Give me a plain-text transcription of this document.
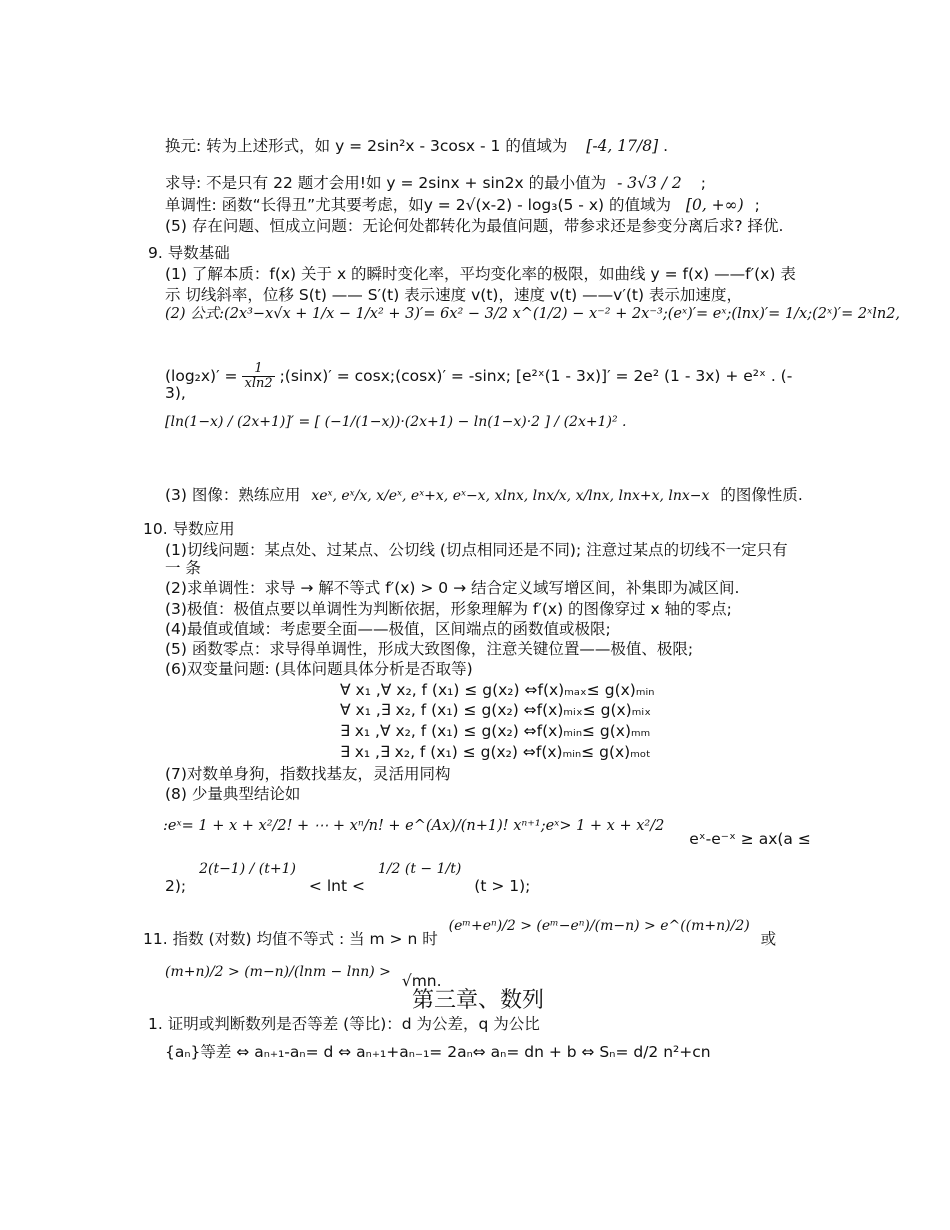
换元: 转为上述形式，如 y = 2sin²x - 3cosx - 1 的值域为 [-4, 17/8] .
求导: 不是只有 22 题才会用!如 y = 2sinx + sin2x 的最小值为 - 3√3 / 2 ;
单调性: 函数“长得丑”尤其要考虑，如y = 2√(x-2) - log₃(5 - x) 的值域为 [0, +∞) ;
(5) 存在问题、恒成立问题：无论何处都转化为最值问题，带参求还是参变分离后求? 择优.
9. 导数基础
(1) 了解本质：f(x) 关于 x 的瞬时变化率，平均变化率的极限，如曲线 y = f(x) ——f′(x) 表
示 切线斜率，位移 S(t) —— S′(t) 表示速度 v(t)，速度 v(t) ——v′(t) 表示加速度，
(2) 公式:(2x³−x√x + 1/x − 1/x² + 3)′= 6x² − 3/2 x^(1/2) − x⁻² + 2x⁻³;(eˣ)′= eˣ;(lnx)′= 1/x;(2ˣ)′= 2ˣln2,
$(\log_2x)' = \frac{1}{xln2}$ ;(sinx)′ = cosx;(cosx)′ = -sinx; [e²ˣ(1 - 3x)]′ = 2e² (1 - 3x) + e²ˣ . (-
3),
[ln(1−x) / (2x+1)]′ = [ (−1/(1−x))·(2x+1) − ln(1−x)·2 ] / (2x+1)² .
(3) 图像：熟练应用 xeˣ, eˣ/x, x/eˣ, eˣ+x, eˣ−x, xlnx, lnx/x, x/lnx, lnx+x, lnx−x 的图像性质.
10. 导数应用
(1)切线问题：某点处、过某点、公切线 (切点相同还是不同); 注意过某点的切线不一定只有
一 条
(2)求单调性：求导 → 解不等式 f′(x) > 0 → 结合定义域写增区间，补集即为减区间.
(3)极值：极值点要以单调性为判断依据，形象理解为 f′(x) 的图像穿过 x 轴的零点;
(4)最值或值域：考虑要全面——极值，区间端点的函数值或极限;
(5) 函数零点：求导得单调性，形成大致图像，注意关键位置——极值、极限;
(6)双变量问题: (具体问题具体分析是否取等)
∀ x₁ ,∀ x₂, f (x₁) ≤ g(x₂) ⇔f(x)ₘₐₓ≤ g(x)ₘᵢₙ
∀ x₁ ,∃ x₂, f (x₁) ≤ g(x₂) ⇔f(x)ₘᵢₓ≤ g(x)ₘᵢₓ
∃ x₁ ,∀ x₂, f (x₁) ≤ g(x₂) ⇔f(x)ₘᵢₙ≤ g(x)ₘₘ
∃ x₁ ,∃ x₂, f (x₁) ≤ g(x₂) ⇔f(x)ₘᵢₙ≤ g(x)ₘₒₜ
(7)对数单身狗，指数找基友，灵活用同构
(8) 少量典型结论如
:eˣ= 1 + x + x²/2! + ⋯ + xⁿ/n! + e^(Ax)/(n+1)! xⁿ⁺¹;eˣ> 1 + x + x²/2 eˣ-e⁻ˣ ≥ ax(a ≤
2); 2(t−1) / (t+1) < lnt < 1/2 (t − 1/t) (t > 1);
11. 指数 (对数) 均值不等式 : 当 m > n 时 (eᵐ+eⁿ)/2 > (eᵐ−eⁿ)/(m−n) > e^((m+n)/2) 或
(m+n)/2 > (m−n)/(lnm − lnn) > √mn.
第三章、数列
1. 证明或判断数列是否等差 (等比)：d 为公差，q 为公比
{aₙ}等差 ⇔ aₙ₊₁-aₙ= d ⇔ aₙ₊₁+aₙ₋₁= 2aₙ⇔ aₙ= dn + b ⇔ Sₙ= d/2 n²+cn
